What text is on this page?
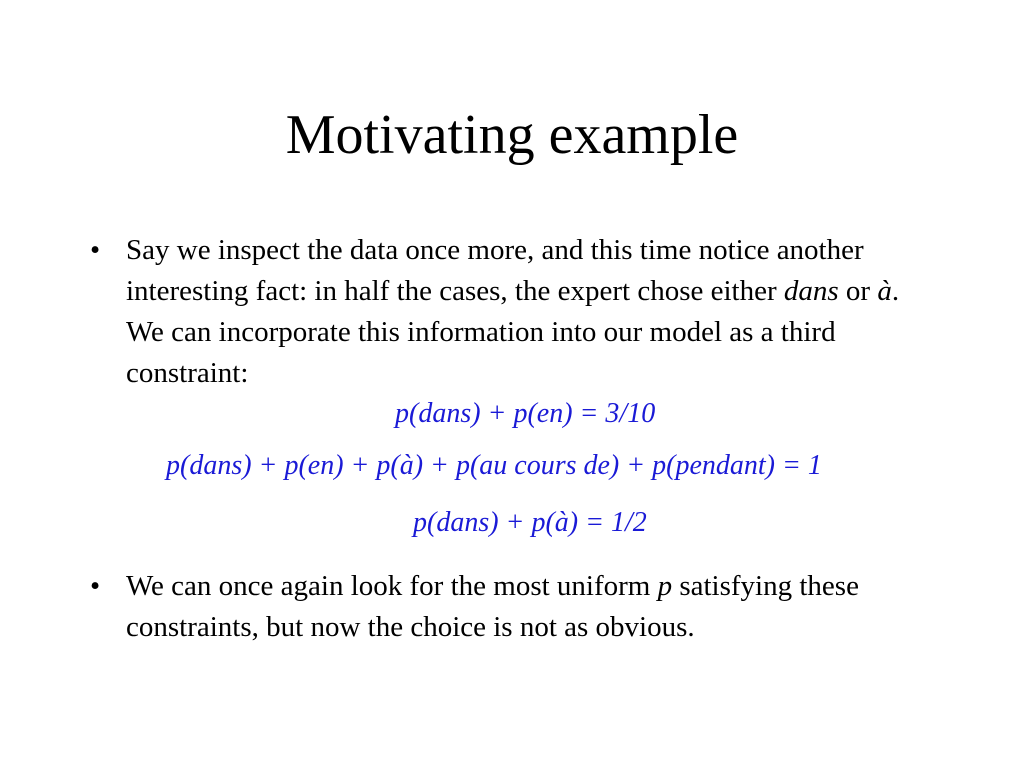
Motivating example
• Say we inspect the data once more, and this time notice another interesting fact: in half the cases, the expert chose either dans or à. We can incorporate this information into our model as a third constraint:
p(dans) + p(en) = 3/10
p(dans) + p(en) + p(à) + p(au cours de) + p(pendant) = 1
p(dans) + p(à) = 1/2
• We can once again look for the most uniform p satisfying these constraints, but now the choice is not as obvious.
